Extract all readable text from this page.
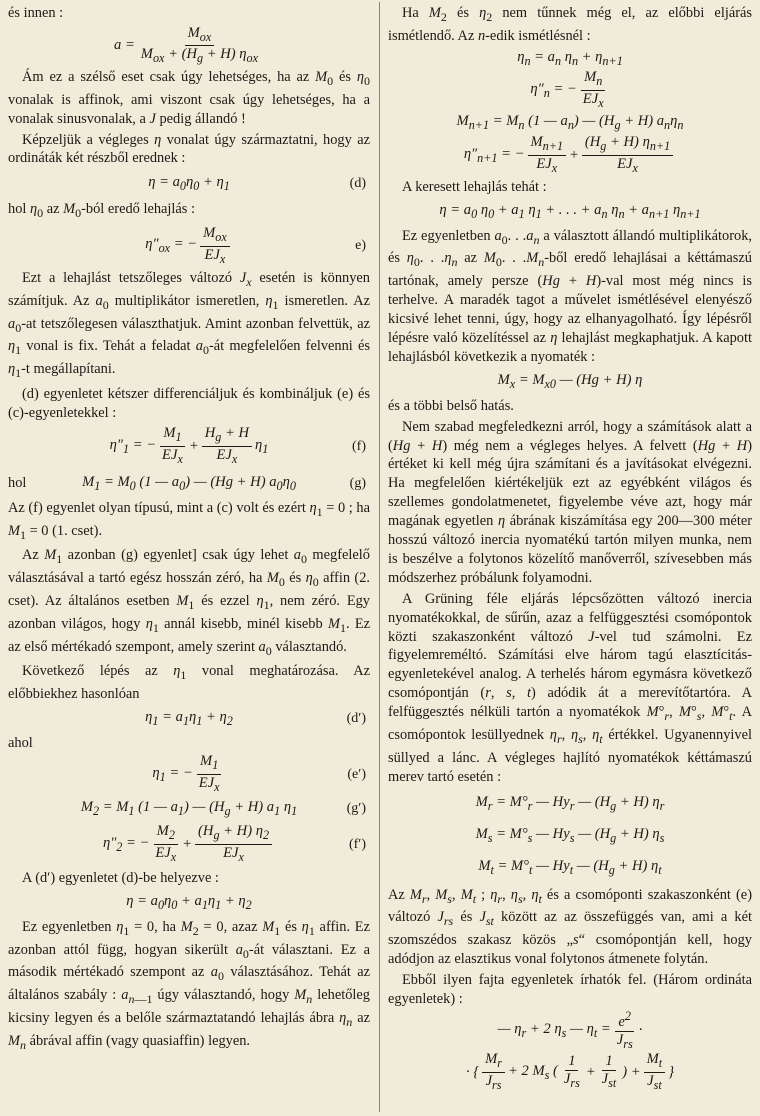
és innen :

$a = \frac{M_{ox}}{M_{ox} + (H_g + H) \eta_{ox}}$

Ám ez a szélső eset csak úgy lehetséges, ha az $M_0$ és $\eta_0$ vonalak is affinok, ami viszont csak úgy lehetséges, ha a vonalak sinusvonalak, a J pedig állandó !

Képzeljük a végleges η vonalat úgy származtatni, hogy az ordináták két részből erednek :

$\eta = a_0\eta_0 + \eta_1$	(d)

hol $\eta_0$ az $M_0$-ból eredő lehajlás :

$\eta''_{ox}$ = − $\frac{M_{ox}}{EJ_x}$	e)

Ezt a lehajlást tetszőleges változó $J_x$ esetén is könnyen számítjuk. Az $a_0$ multiplikátor ismeretlen, $\eta_1$ ismeretlen. Az $a_0-at$ tetszőlegesen választhatjuk. Amint azonban felvettük, az $\eta_1$ vonal is fix. Tehát a feladat $a_0-át$ megfelelően felvenni és $\eta_1-t$ megállapítani.

(d) egyenletet kétszer differenciáljuk és kombináljuk (e) és (c)-egyenletekkel :

$\eta''_1$ = − $\frac{M_1}{EJ_x} + \frac{H_g + H}{EJ_x} \eta_1$	(f)
hol	$M_1 = M_0$ (1 — $a_0$) — (Hg + H) $a_0\eta_0$	(g)

Az (f) egyenlet olyan típusú, mint a (c) volt és ezért $\eta_1 = 0$ ; ha $M_1 = 0$ (1. cset).

Az $M_1$ azonban (g) egyenlet] csak úgy lehet $a_0$ megfelelő választásával a tartó egész hosszán zéró, ha $M_0$ és $\eta_0$ affin (2. cset). Az általános esetben $M_1$ és ezzel $\eta_1$, nem zéró. Egy azonban világos, hogy $\eta_1$ annál kisebb, minél kisebb $M_1$. Ez az első mértékadó szempont, amely szerint $a_0$ választandó.

Következő lépés az $\eta_1$ vonal meghatározása. Az előbbiekhez hasonlóan

$\eta_1 = a_1\eta_1 + \eta_2$	(d′)

ahol

$\eta_1$ = − $\frac{M_1}{EJ_x}$	(e′)
$M_2 = M_1$ (1 — $a_1$) — $(H_g + H)$ $a_1$ $\eta_1$	(g′)
$\eta''_2$ = − $\frac{M_2}{EJ_x} + \frac{(H_g + H) \eta_2}{EJ_x}$	(f′)

A (d′) egyenletet (d)-be helyezve :

$\eta = a_0\eta_0 + a_1\eta_1 + \eta_2$

Ez egyenletben $\eta_1 = 0$, ha $M_2 = 0$, azaz $M_1$ és $\eta_1$ affin. Ez azonban attól függ, hogyan sikerült $a_0-át$ választani. Ez a második mértékadó szempont az $a_0$ választásához. Tehát az általános szabály : $a_{n—1}$ úgy választandó, hogy $M_n$ lehetőleg kicsiny legyen és a belőle származtatandó lehajlás ábra $\eta_n$ az $M_n$ ábrával affin (vagy quasiaffin) legyen.

Ha $M_2$ és $\eta_2$ nem tűnnek még el, az előbbi eljárás ismétlendő. Az n-edik ismétlésnél :

$\eta_n = a_n$ $\eta_n + \eta_{n+1}$
$\eta''_n$ = − $\frac{M_n}{EJ_x}$
$M_{n+1} = M_n$ (1 — $a_n$) — $(H_g + H)$ $a_n\eta_n$
$\eta''_{n+1}$ = − $\frac{M_{n+1}}{EJ_x} + \frac{(H_g + H) \eta_{n+1}}{EJ_x}$

A keresett lehajlás tehát :

$\eta = a_0$ $\eta_0 + a_1$ $\eta_1$ + . . . + $a_n$ $\eta_n + a_{n+1}$ $\eta_{n+1}$

Ez egyenletben $a_0$. . $.a_n$ a választott állandó multiplikátorok, és $\eta_0$. . $.\eta_n$ az $M_0$. . $.M_n$-ből eredő lehajlásai a kéttámaszú tartónak, amely persze (Hg + H)-val most még nincs is terhelve. A maradék tagot a művelet ismétlésével elenyésző kicsivé lehet tenni, úgy, hogy az elhanyagolható. Így lépésről lépésre való közelítéssel az η lehajlást megkaphatjuk. A kapott lehajlásból következik a nyomaték :

$M_x = M_{x0}$ — (Hg + H) η

és a többi belső hatás.

Nem szabad megfeledkezni arról, hogy a számítások alatt a (Hg + H) még nem a végleges helyes. A felvett (Hg + H) értéket ki kell még újra számítani és a javításokat elvégezni. Ha megfelelően kiértékeljük ezt az egyébként világos és szellemes gondolatmenetet, figyelembe véve azt, hogy már magának egyetlen η ábrának kiszámítása egy 200—300 méter hosszú változó inercia nyomatékú tartón milyen munka, nem is beszélve a folytonos közelítő manőverről, szívesebben más módszerhez próbálunk folyamodni.

A Grüning féle eljárás lépcsőzötten változó inercia nyomatékokkal, de sűrűn, azaz a felfüggesztési csomópontok közti szakaszonként változó J-vel tud számolni. Ez figyelemreméltó. Számítási elve három tagú elasztícitás-egyenletekével analog. A terhelés három egymásra következő csomópontján (r, s, t) adódik át a merevítőtartóra. A felfüggesztés nélküli tartón a nyomatékok $M^\circ_r$, $M^\circ_s$, $M^\circ_t$. A csomópontok lesüllyednek $\eta_r$, $\eta_s$, $\eta_t$ értékkel. Ugyanennyivel süllyed a lánc. A végleges hajlító nyomatékok kéttámaszú merev tartó esetén :

$M_r = M^\circ_r$ — $Hy_r$ — $(H_g + H)$ $\eta_r$
$M_s = M^\circ_s$ — $Hy_s$ — $(H_g + H)$ $\eta_s$
$M_t = M^\circ_t$ — $Hy_t$ — $(H_g + H)$ $\eta_t$

Az $M_r$, $M_s$, $M_t$ ; $\eta_r$, $\eta_s$, $\eta_t$ és a csomóponti szakaszonként (e) változó $J_{rs}$ és $J_{st}$ között az az összefüggés van, ami a két szomszédos szakasz közös „s“ csomópontján kell, hogy adódjon az elasztikus vonal folytonos átmenete folytán.

Ebből ilyen fajta egyenletek írhatók fel. (Három ordináta egyenletek) :

— $\eta_r + 2$ $\eta_s$ — $\eta_t = \frac{e^2}{J_{rs}}$ ·
· { $\frac{M_r}{J_{rs}} + 2$ $M_s$ ( $\frac{1}{J_{rs}} + \frac{1}{J_{st}}$ ) + $\frac{M_t}{J_{st}}$ }
